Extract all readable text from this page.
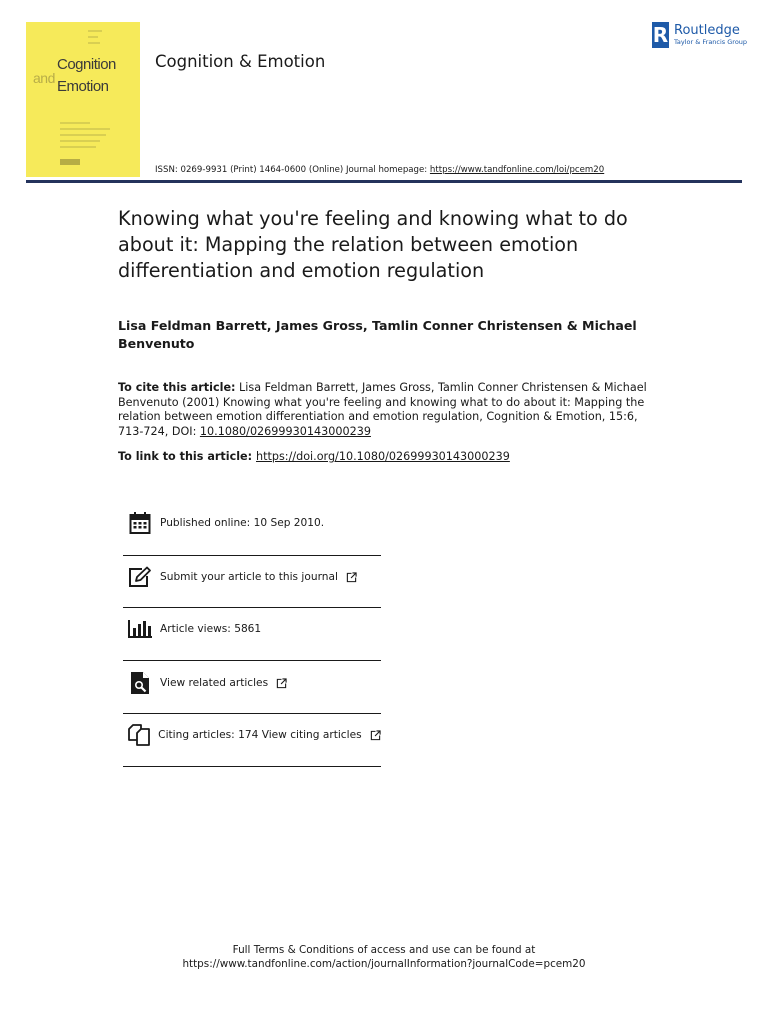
Cognition
and Emotion
Cognition & Emotion
R Routledge
Taylor & Francis Group
ISSN: 0269-9931 (Print) 1464-0600 (Online) Journal homepage: https://www.tandfonline.com/loi/pcem20
Knowing what you're feeling and knowing what to do about it: Mapping the relation between emotion differentiation and emotion regulation
Lisa Feldman Barrett, James Gross, Tamlin Conner Christensen & Michael Benvenuto
To cite this article: Lisa Feldman Barrett, James Gross, Tamlin Conner Christensen & Michael Benvenuto (2001) Knowing what you're feeling and knowing what to do about it: Mapping the relation between emotion differentiation and emotion regulation, Cognition & Emotion, 15:6, 713-724, DOI: 10.1080/02699930143000239
To link to this article: https://doi.org/10.1080/02699930143000239
Published online: 10 Sep 2010.
Submit your article to this journal
Article views: 5861
View related articles
Citing articles: 174 View citing articles
Full Terms & Conditions of access and use can be found at
https://www.tandfonline.com/action/journalInformation?journalCode=pcem20
